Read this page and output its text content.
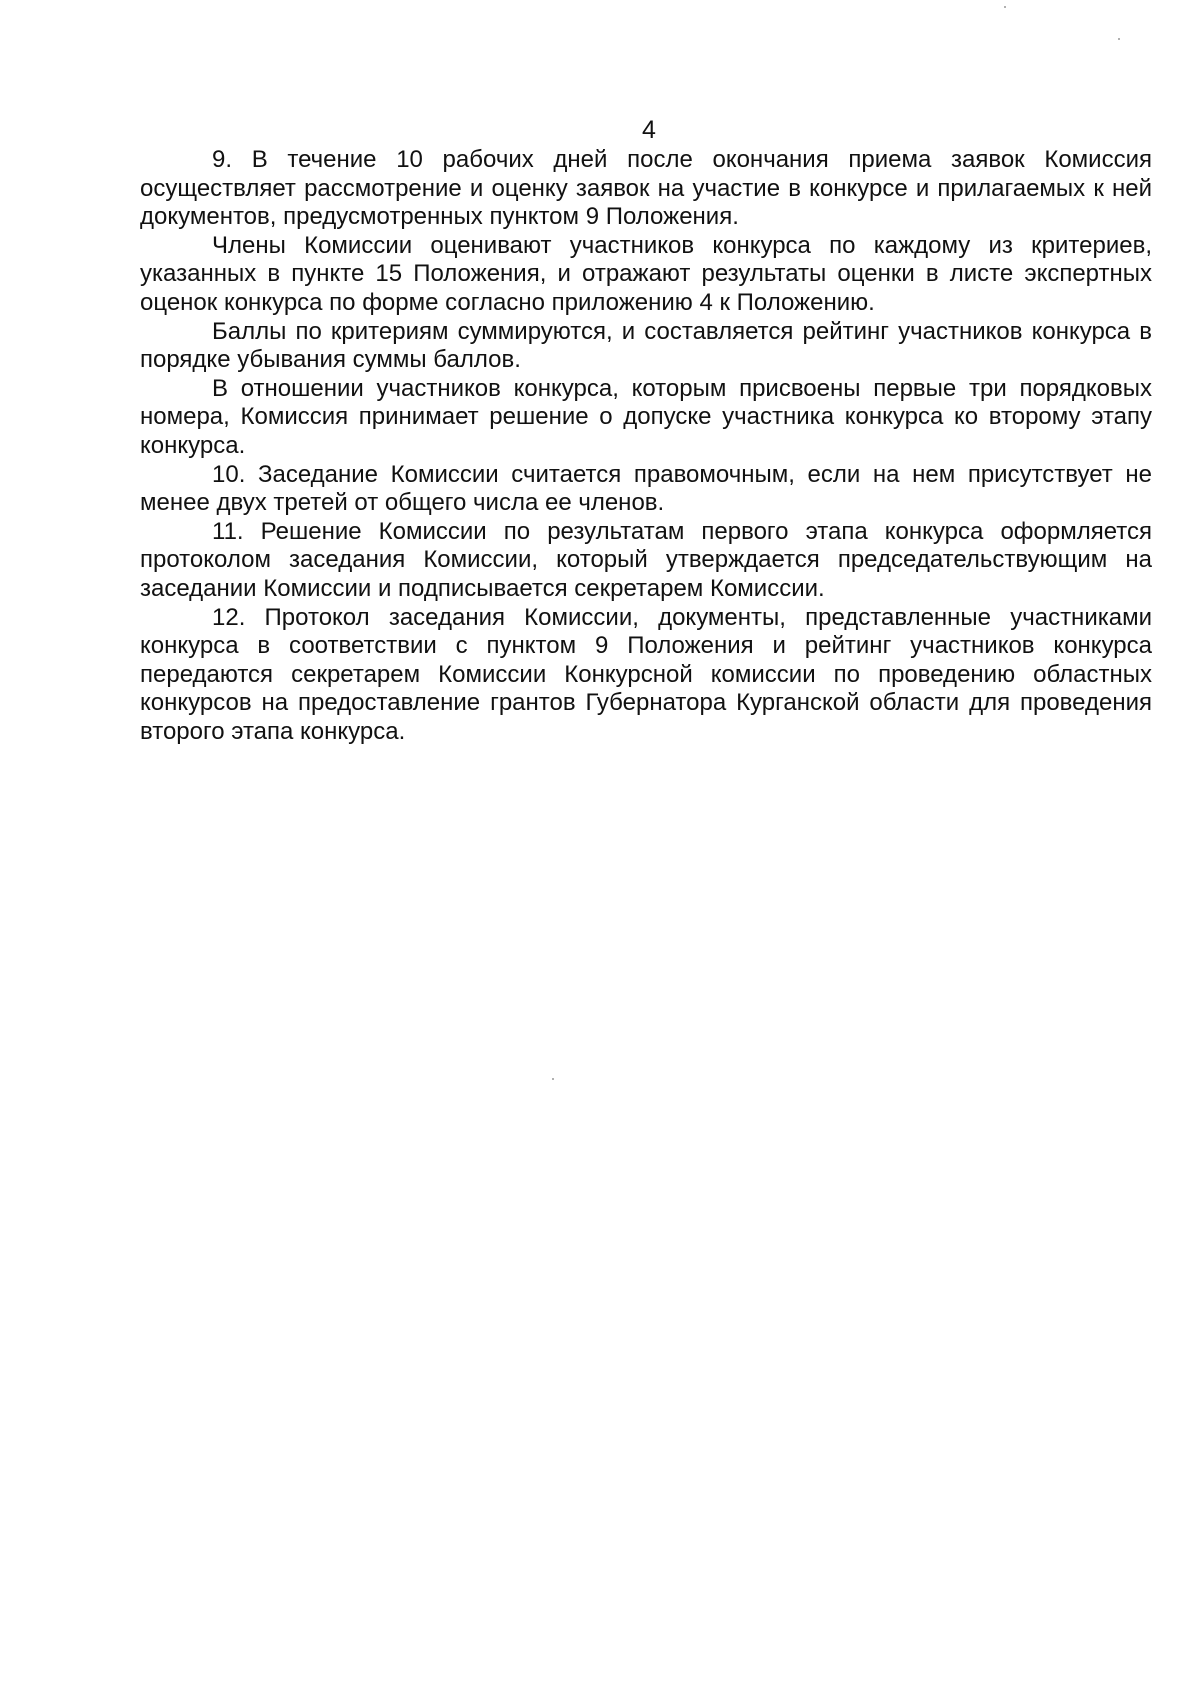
4

9. В течение 10 рабочих дней после окончания приема заявок Комиссия осуществляет рассмотрение и оценку заявок на участие в конкурсе и прилагаемых к ней документов, предусмотренных пунктом 9 Положения.

Члены Комиссии оценивают участников конкурса по каждому из критериев, указанных в пункте 15 Положения, и отражают результаты оценки в листе экспертных оценок конкурса по форме согласно приложению 4 к Положению.

Баллы по критериям суммируются, и составляется рейтинг участников конкурса в порядке убывания суммы баллов.

В отношении участников конкурса, которым присвоены первые три порядковых номера, Комиссия принимает решение о допуске участника конкурса ко второму этапу конкурса.

10. Заседание Комиссии считается правомочным, если на нем присутствует не менее двух третей от общего числа ее членов.

11. Решение Комиссии по результатам первого этапа конкурса оформляется протоколом заседания Комиссии, который утверждается председательствующим на заседании Комиссии и подписывается секретарем Комиссии.

12. Протокол заседания Комиссии, документы, представленные участниками конкурса в соответствии с пунктом 9 Положения и рейтинг участников конкурса передаются секретарем Комиссии Конкурсной комиссии по проведению областных конкурсов на предоставление грантов Губернатора Курганской области для проведения второго этапа конкурса.
